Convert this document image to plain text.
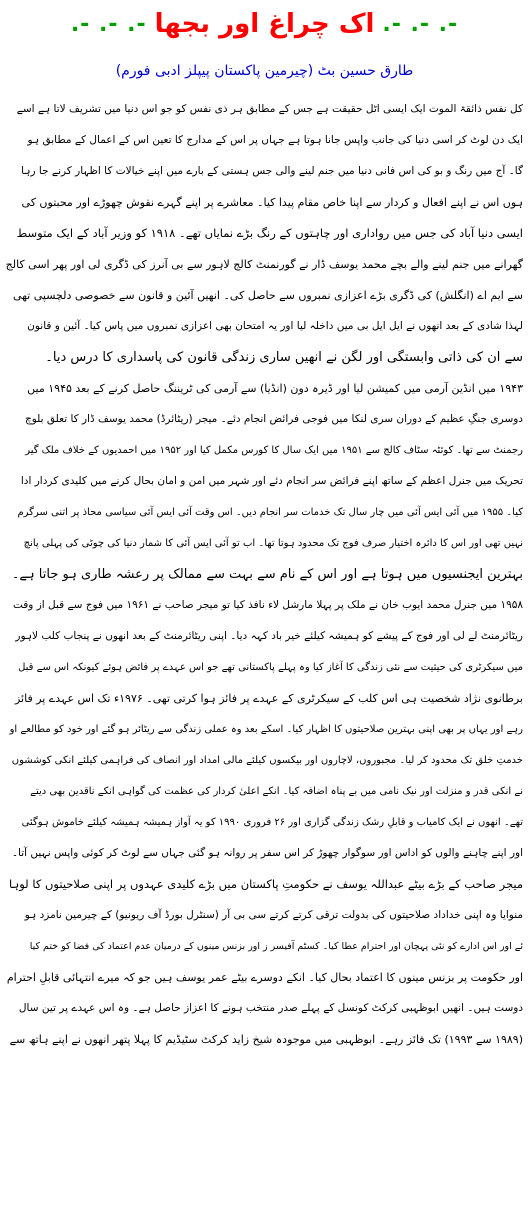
-. -. -.
اک چراغ اور بجھا
-. -. -.
طارق حسین بٹ (چیرمین پاکستان پیپلز ادبی فورم)
کل نفس ذائقۃ الموت ایک ایسی اٹل حقیقت ہے جس کے مطابق ہر ذی نفس کو جو اس دنیا میں تشریف لاتا ہے اسے
ایک دن لوٹ کر اسی دنیا کی جانب واپس جانا ہوتا ہے جہاں پر اس کے مدارج کا تعین اس کے اعمال کے مطابق ہو
گا۔ آج میں رنگ و بو کی اس فانی دنیا میں جنم لینے والی جس ہستی کے بارے میں اپنے خیالات کا اظہار کرنے جا رہا
ہوں اس نے اپنے افعال و کردار سے اپنا خاص مقام پیدا کیا۔ معاشرے پر اپنے گہرے نقوش چھوڑے اور محبتوں کی
ایسی دنیا آباد کی جس میں رواداری اور چاہتوں کے رنگ بڑے نمایاں تھے۔ ۱۹۱۸ کو وزیر آباد کے ایک متوسط
گھرانے میں جنم لینے والے بچے محمد یوسف ڈار نے گورنمنٹ کالج لاہور سے بی آنرز کی ڈگری لی اور پھر اسی کالج
سے ایم اے (انگلش) کی ڈگری بڑے اعزازی نمبروں سے حاصل کی۔ انھیں آئین و قانون سے خصوصی دلچسپی تھی
لہذا شادی کے بعد انھوں نے ایل ایل بی میں داخلہ لیا اور یہ امتحان بھی اعزازی نمبروں میں پاس کیا۔ آئین و قانون
سے ان کی ذاتی وابستگی اور لگن نے انھیں ساری زندگی قانون کی پاسداری کا درس دیا۔
۱۹۴۳ میں انڈین آرمی میں کمیشن لیا اور ڈیرہ دون (انڈیا) سے آرمی کی ٹریننگ حاصل کرنے کے بعد ۱۹۴۵ میں
دوسری جنگِ عظیم کے دوران سری لنکا میں فوجی فرائض انجام دئے۔ میجر (ریٹائرڈ) محمد یوسف ڈار کا تعلق بلوچ
رجمنٹ سے تھا۔ کوئٹہ سٹاف کالج سے ۱۹۵۱ میں ایک سال کا کورس مکمل کیا اور ۱۹۵۲ میں احمدیوں کے خلاف ملک گیر
تحریک میں جنرل اعظم کے ساتھ اپنے فرائض سر انجام دئے اور شہر میں امن و امان بحال کرنے میں کلیدی کردار ادا
کیا۔ ۱۹۵۵ میں آئی ایس آئی میں چار سال تک خدمات سر انجام دیں۔ اس وقت آئی ایس آئی سیاسی محاذ پر اتنی سرگرم
نہیں تھی اور اس کا دائرہ اختیار صرف فوج تک محدود ہوتا تھا۔ اب تو آئی ایس آئی کا شمار دنیا کی چوٹی کی پہلی پانچ
بہترین ایجنسیوں میں ہوتا ہے اور اس کے نام سے بہت سے ممالک پر رعشہ طاری ہو جاتا ہے۔
۱۹۵۸ میں جنرل محمد ایوب خان نے ملک پر پہلا مارشل لاء نافذ کیا تو میجر صاحب نے ۱۹۶۱ میں فوج سے قبل از وقت
ریٹائرمنٹ لے لی اور فوج کے پیشے کو ہمیشہ کیلئے خیر باد کہہ دیا۔ اپنی ریٹائرمنٹ کے بعد انھوں نے پنجاب کلب لاہور
میں سیکرٹری کی حیثیت سے نئی زندگی کا آغاز کیا وہ پہلے پاکستانی تھے جو اس عہدے پر فائض ہوئے کیونکہ اس سے قبل
برطانوی نژاد شخصیت ہی اس کلب کے سیکرٹری کے عہدے پر فائز ہوا کرتی تھی۔ ۱۹۷۶ء تک اس عہدے پر فائز
رہے اور یہاں پر بھی اپنی بہترین صلاحیتوں کا اظہار کیا۔ اسکے بعد وہ عملی زندگی سے ریٹائر ہو گئے اور خود کو مطالعے او
خدمتِ خلق تک محدود کر لیا۔ مجبوروں، لاچاروں اور بیکسوں کیلئے مالی امداد اور انصاف کی فراہمی کیلئے انکی کوششوں
نے انکی قدر و منزلت اور نیک نامی میں بے پناہ اضافہ کیا۔ انکے اعلیٰ کردار کی عظمت کی گواہی انکے ناقدین بھی دیتے
تھے۔ انھوں نے ایک کامیاب و قابلِ رشک زندگی گزاری اور ۲۶ فروری ۱۹۹۰ کو یہ آواز ہمیشہ ہمیشہ کیلئے خاموش ہوگئی
اور اپنے چاہنے والوں کو اداس اور سوگوار چھوڑ کر اس سفر پر روانہ ہو گئی جہاں سے لوٹ کر کوئی واپس نہیں آتا۔
میجر صاحب کے بڑے بیٹے عبداللہ یوسف نے حکومتِ پاکستان میں بڑے کلیدی عہدوں پر اپنی صلاحیتوں کا لوہا
منوایا وہ اپنی خداداد صلاحیتوں کی بدولت ترقی کرتے کرتے سی بی آر (سنٹرل بورڈ آف ریونیو) کے چیرمین نامزد ہو
ئے اور اس ادارے کو نئی پہچان اور احترام عطا کیا۔ کسٹم آفیسر ز اور بزنس مینوں کے درمیان عدم اعتماد کی فضا کو ختم کیا
اور حکومت پر بزنس مینوں کا اعتماد بحال کیا۔ انکے دوسرے بیٹے عمر یوسف ہیں جو کہ میرے انتہائی قابلِ احترام
دوست ہیں۔ انھیں ابوظہبی کرکٹ کونسل کے پہلے صدر منتخب ہونے کا اعزاز حاصل ہے۔ وہ اس عہدے پر تین سال
(۱۹۸۹ سے ۱۹۹۳) تک فائز رہے۔ ابوظہبی میں موجودہ شیخ زاید کرکٹ سٹیڈیم کا پہلا پتھر انھوں نے اپنے ہاتھ سے
